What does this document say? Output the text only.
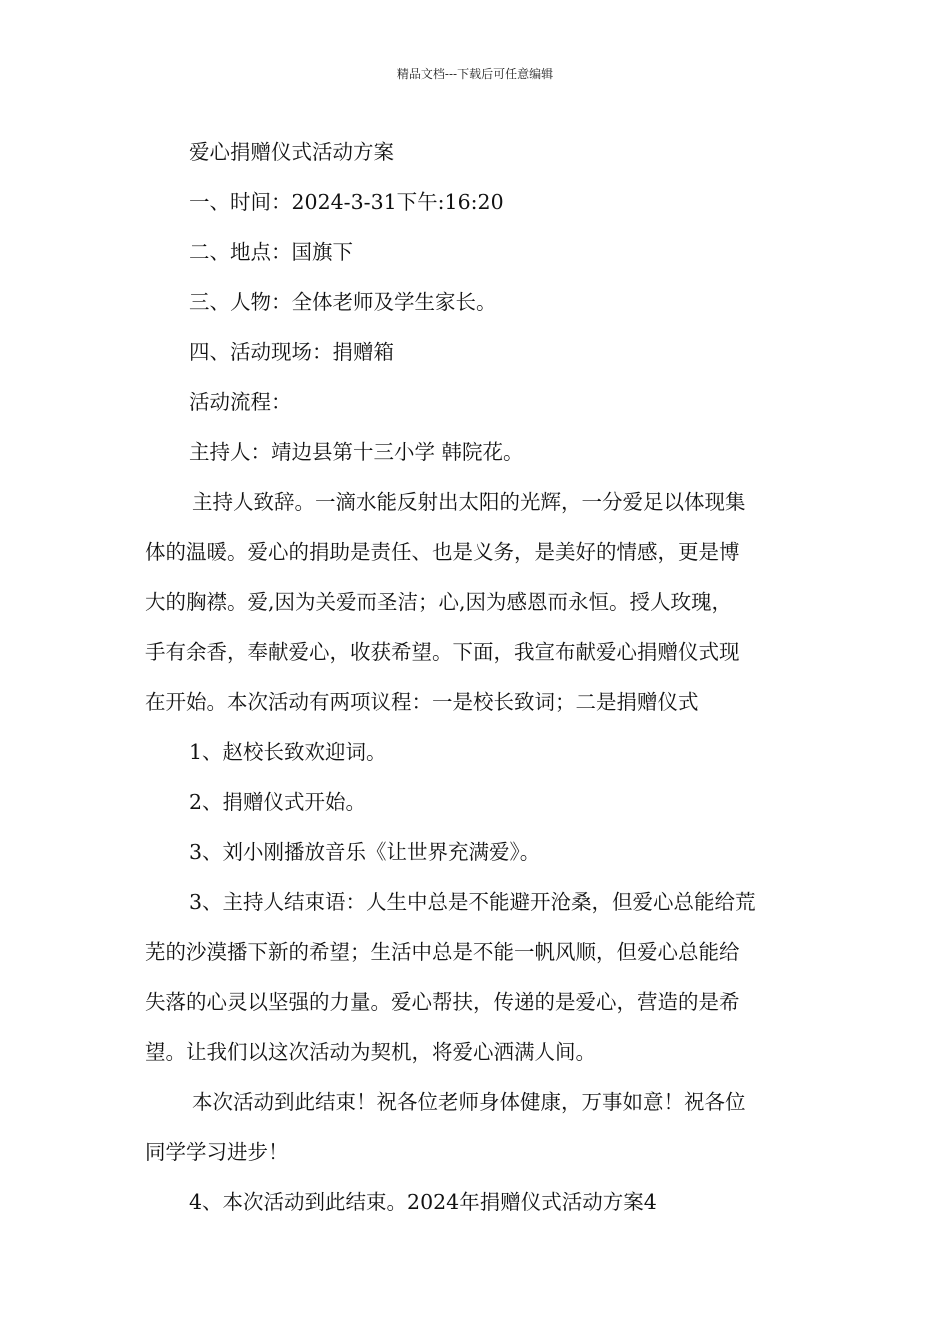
精品文档---下载后可任意编辑
爱心捐赠仪式活动方案
一、时间：2024-3-31下午:16:20
二、地点：国旗下
三、人物：全体老师及学生家长。
四、活动现场：捐赠箱
活动流程：
主持人：靖边县第十三小学 韩院花。
主持人致辞。一滴水能反射出太阳的光辉，一分爱足以体现集
体的温暖。爱心的捐助是责任、也是义务，是美好的情感，更是博
大的胸襟。爱,因为关爱而圣洁；心,因为感恩而永恒。授人玫瑰，
手有余香，奉献爱心，收获希望。下面，我宣布献爱心捐赠仪式现
在开始。本次活动有两项议程：一是校长致词；二是捐赠仪式
1、赵校长致欢迎词。
2、捐赠仪式开始。
3、刘小刚播放音乐《让世界充满爱》。
3、主持人结束语：人生中总是不能避开沧桑，但爱心总能给荒
芜的沙漠播下新的希望；生活中总是不能一帆风顺，但爱心总能给
失落的心灵以坚强的力量。爱心帮扶，传递的是爱心，营造的是希
望。让我们以这次活动为契机，将爱心洒满人间。
本次活动到此结束！祝各位老师身体健康，万事如意！祝各位
同学学习进步！
4、本次活动到此结束。2024年捐赠仪式活动方案4
